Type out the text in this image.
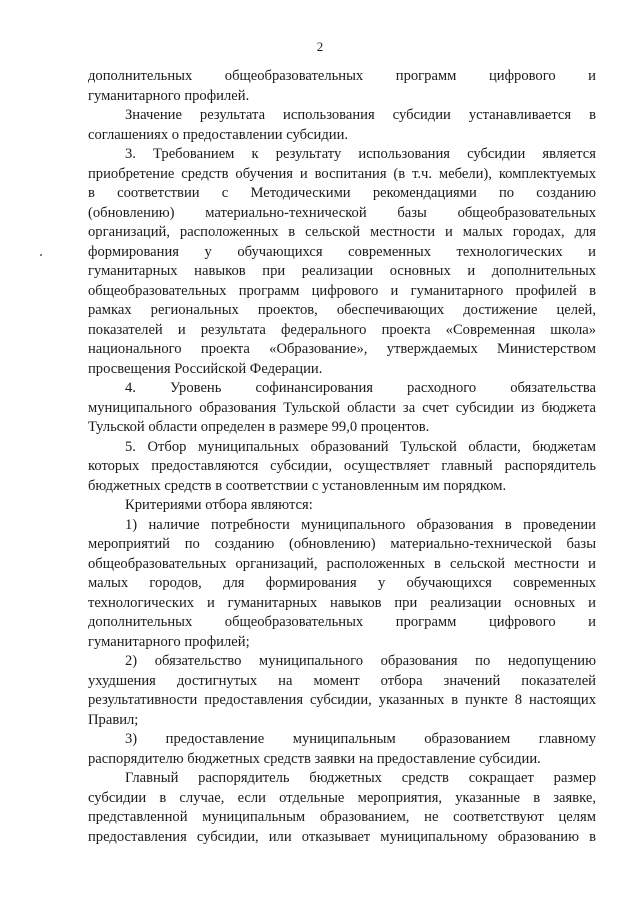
2
дополнительных общеобразовательных программ цифрового и
гуманитарного профилей.
Значение результата использования субсидии устанавливается в
соглашениях о предоставлении субсидии.
3. Требованием к результату использования субсидии является
приобретение средств обучения и воспитания (в т.ч. мебели), комплектуемых
в соответствии с Методическими рекомендациями по созданию
(обновлению) материально-технической базы общеобразовательных
организаций, расположенных в сельской местности и малых городах, для
формирования у обучающихся современных технологических и
гуманитарных навыков при реализации основных и дополнительных
общеобразовательных программ цифрового и гуманитарного профилей в
рамках региональных проектов, обеспечивающих достижение целей,
показателей и результата федерального проекта «Современная школа»
национального проекта «Образование», утверждаемых Министерством
просвещения Российской Федерации.
4. Уровень софинансирования расходного обязательства
муниципального образования Тульской области за счет субсидии из бюджета
Тульской области определен в размере 99,0 процентов.
5. Отбор муниципальных образований Тульской области, бюджетам
которых предоставляются субсидии, осуществляет главный распорядитель
бюджетных средств в соответствии с установленным им порядком.
Критериями отбора являются:
1) наличие потребности муниципального образования в проведении
мероприятий по созданию (обновлению) материально-технической базы
общеобразовательных организаций, расположенных в сельской местности и
малых городов, для формирования у обучающихся современных
технологических и гуманитарных навыков при реализации основных и
дополнительных общеобразовательных программ цифрового и
гуманитарного профилей;
2) обязательство муниципального образования по недопущению
ухудшения достигнутых на момент отбора значений показателей
результативности предоставления субсидии, указанных в пункте 8 настоящих
Правил;
3) предоставление муниципальным образованием главному
распорядителю бюджетных средств заявки на предоставление субсидии.
Главный распорядитель бюджетных средств сокращает размер
субсидии в случае, если отдельные мероприятия, указанные в заявке,
представленной муниципальным образованием, не соответствуют целям
предоставления субсидии, или отказывает муниципальному образованию в
